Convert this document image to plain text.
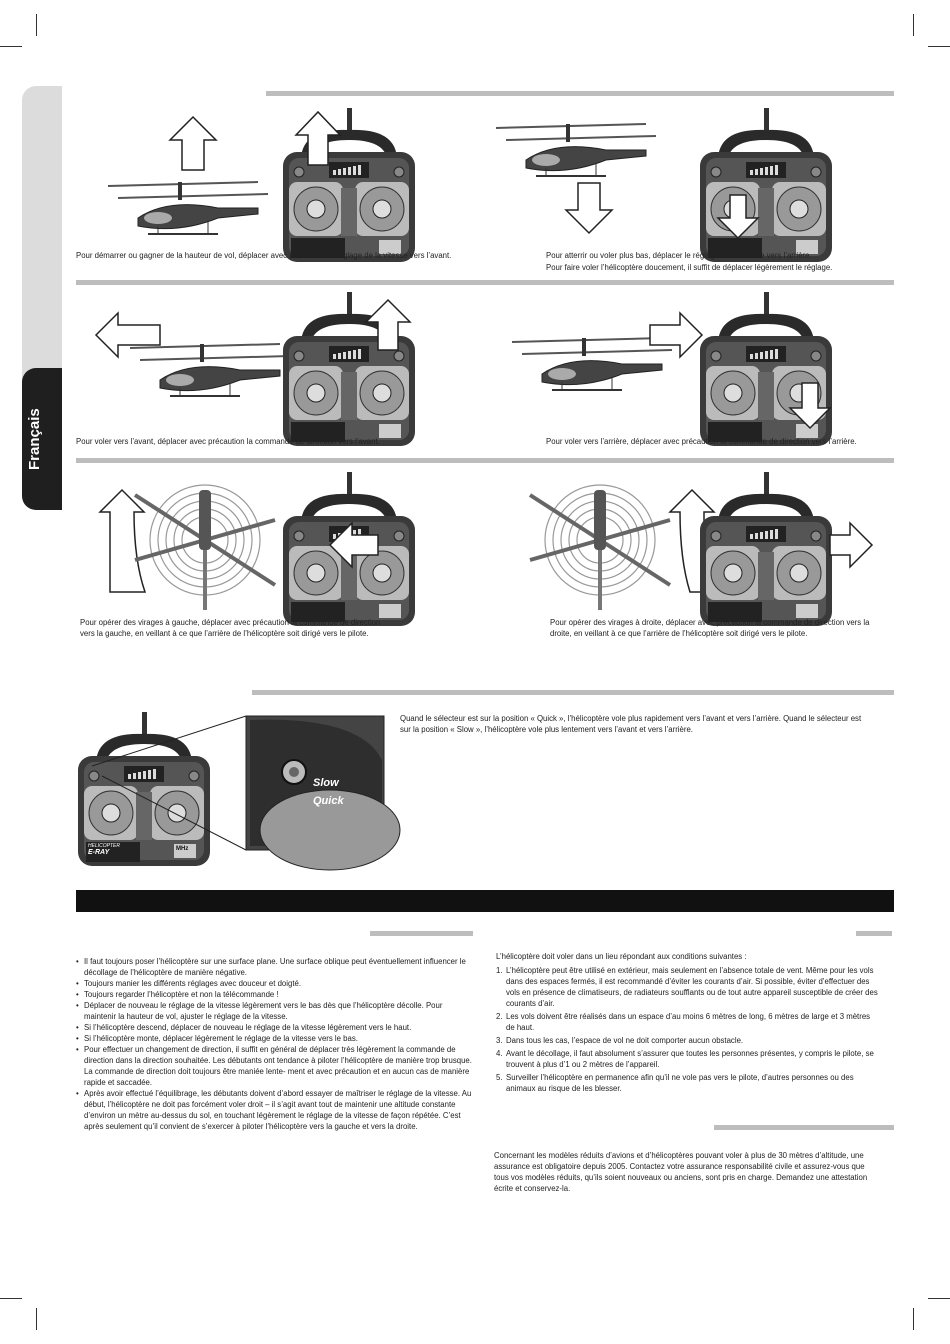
Français
Quick
Slow
Pour démarrer ou gagner de la hauteur de vol, déplacer avec précaution le réglage de la vitesse vers l’avant.	Pour atterrir ou voler plus bas, déplacer le réglage de la vitesse vers l’arrière.
Pour faire voler l’hélicoptère doucement, il suffit de déplacer légèrement le réglage.
Pour voler vers l’avant, déplacer avec précaution la commande de direction vers l’avant.	Pour voler vers l’arrière, déplacer avec précaution la commande de direction vers l’arrière.
Pour opérer des virages à gauche, déplacer avec précaution la commande de direction vers la gauche, en veillant à ce que l’arrière de l’hélicoptère soit dirigé vers le pilote.
Pour opérer des virages à droite, déplacer avec précaution la commande de direction vers la droite, en veillant à ce que l’arrière de l’hélicoptère soit dirigé vers le pilote.
Quand le sélecteur est sur la position « Quick », l’hélicoptère vole plus rapidement vers l’avant et vers l’arrière. Quand le sélecteur est sur la position « Slow », l’hélicoptère vole plus lentement vers l’avant et vers l’arrière.
HELICOPTER
E-RAY	MHz
• Il faut toujours poser l’hélicoptère sur une surface plane. Une surface oblique peut éventuellement influencer le décollage de l’hélicoptère de manière négative.
• Toujours manier les différents réglages avec douceur et doigté.
• Toujours regarder l’hélicoptère et non la télécommande !
• Déplacer de nouveau le réglage de la vitesse légèrement vers le bas dès que l’hélicoptère décolle. Pour maintenir la hauteur de vol, ajuster le réglage de la vitesse.
• Si l’hélicoptère descend, déplacer de nouveau le réglage de la vitesse légèrement vers le haut.
• Si l’hélicoptère monte, déplacer légèrement le réglage de la vitesse vers le bas.
• Pour effectuer un changement de direction, il suffit en général de déplacer très légèrement la commande de direction dans la direction souhaitée. Les débutants ont tendance à piloter l’hélicoptère de manière trop brusque. La commande de direction doit toujours être maniée lente- ment et avec précaution et en aucun cas de manière rapide et saccadée.
• Après avoir effectué l’équilibrage, les débutants doivent d’abord essayer de maîtriser le réglage de la vitesse. Au début, l’hélicoptère ne doit pas forcément voler droit – il s’agit avant tout de maintenir une altitude constante d’environ un mètre au-dessus du sol, en touchant légèrement le réglage de la vitesse de façon répétée. C’est après seulement qu’il convient de s’exercer à piloter l’hélicoptère vers la gauche et vers la droite.
L’hélicoptère doit voler dans un lieu répondant aux conditions suivantes :
1. L’hélicoptère peut être utilisé en extérieur, mais seulement en l’absence totale de vent. Même pour les vols dans des espaces fermés, il est recommandé d’éviter les courants d’air. Si possible, éviter d’effectuer des vols en présence de climatiseurs, de radiateurs soufflants ou de tout autre appareil susceptible de créer des courants d’air.
2. Les vols doivent être réalisés dans un espace d’au moins 6 mètres de long, 6 mètres de large et 3 mètres de haut.
3. Dans tous les cas, l’espace de vol ne doit comporter aucun obstacle.
4. Avant le décollage, il faut absolument s’assurer que toutes les personnes présentes, y compris le pilote, se trouvent à plus d’1 ou 2 mètres de l’appareil.
5. Surveiller l’hélicoptère en permanence afin qu’il ne vole pas vers le pilote, d’autres personnes ou des animaux au risque de les blesser.
Concernant les modèles réduits d’avions et d’hélicoptères pouvant voler à plus de 30 mètres d’altitude, une assurance est obligatoire depuis 2005. Contactez votre assurance responsabilité civile et assurez-vous que tous vos modèles réduits, qu’ils soient nouveaux ou anciens, sont pris en charge. Demandez une attestation écrite et conservez-la.
